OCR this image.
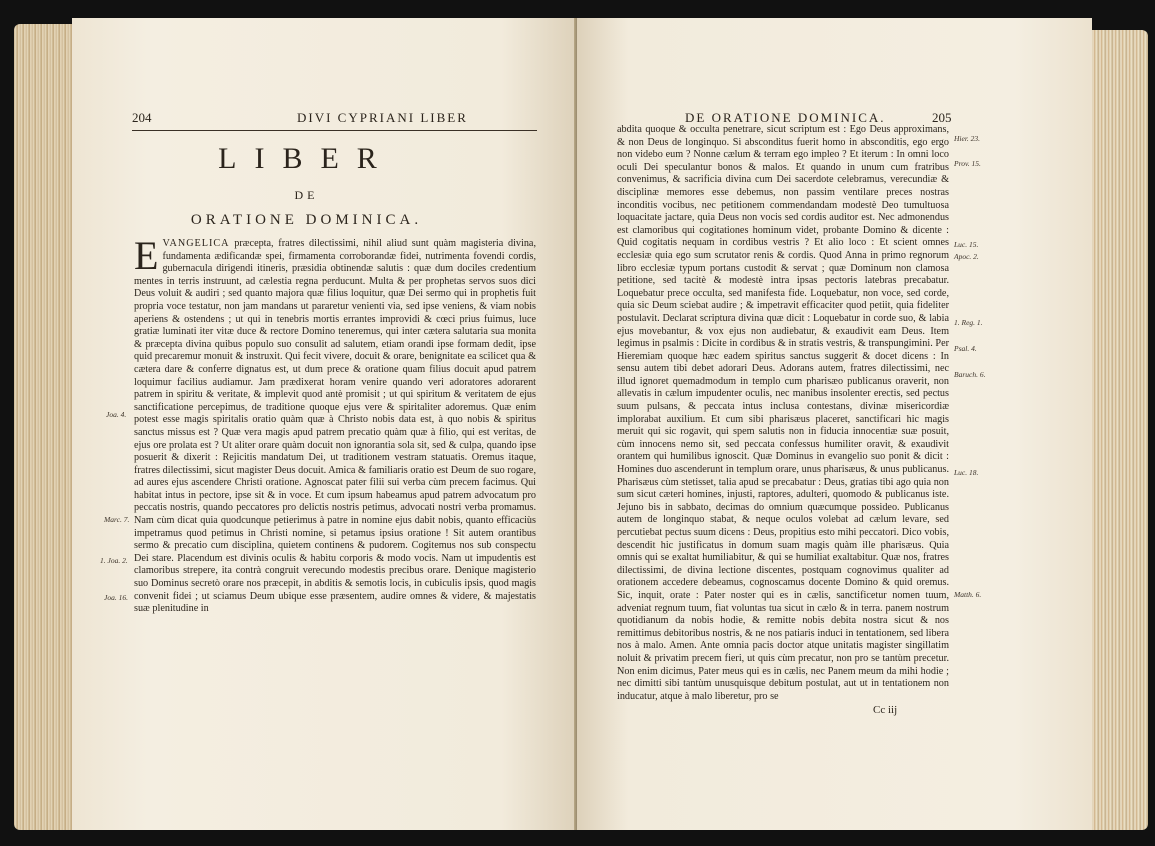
204	DIVI CYPRIANI LIBER
LIBER
DE
ORATIONE DOMINICA.

EVANGELICA præcepta, fratres dilectissimi, nihil aliud sunt quàm magisteria divina, fundamenta ædificandæ spei, firmamenta corroborandæ fidei, nutrimenta fovendi cordis, gubernacula dirigendi itineris, præsidia obtinendæ salutis : quæ dum dociles credentium mentes in terris instruunt, ad cælestia regna perducunt. Multa & per prophetas servos suos dici Deus voluit & audiri ; sed quanto majora quæ filius loquitur, quæ Dei sermo qui in prophetis fuit propria voce testatur, non jam mandans ut pararetur venienti via, sed ipse veniens, & viam nobis aperiens & ostendens ; ut qui in tenebris mortis errantes improvidi & cœci prius fuimus, luce gratiæ luminati iter vitæ duce & rectore Domino teneremus, qui inter cætera salutaria sua monita & præcepta divina quibus populo suo consulit ad salutem, etiam orandi ipse formam dedit, ipse quid precaremur monuit & instruxit. Qui fecit vivere, docuit & orare, benignitate ea scilicet qua & cætera dare & conferre dignatus est, ut dum prece & oratione quam filius docuit apud patrem loquimur facilius audiamur. Jam prædixerat horam venire quando veri adoratores adorarent patrem in spiritu & veritate, & implevit quod antè promisit ; ut qui spiritum & veritatem de ejus sanctificatione percepimus, de traditione quoque ejus vere & spiritaliter adoremus. Quæ enim potest esse magis spiritalis oratio quàm quæ à Christo nobis data est, à quo nobis & spiritus sanctus missus est ? Quæ vera magis apud patrem precatio quàm quæ à filio, qui est veritas, de ejus ore prolata est ? Ut aliter orare quàm docuit non ignorantia sola sit, sed & culpa, quando ipse posuerit & dixerit : Rejicitis mandatum Dei, ut traditionem vestram statuatis. Oremus itaque, fratres dilectissimi, sicut magister Deus docuit. Amica & familiaris oratio est Deum de suo rogare, ad aures ejus ascendere Christi oratione. Agnoscat pater filii sui verba cùm precem facimus. Qui habitat intus in pectore, ipse sit & in voce. Et cum ipsum habeamus apud patrem advocatum pro peccatis nostris, quando peccatores pro delictis nostris petimus, advocati nostri verba promamus. Nam cùm dicat quia quodcunque petierimus à patre in nomine ejus dabit nobis, quanto efficaciùs impetramus quod petimus in Christi nomine, si petamus ipsius oratione ! Sit autem orantibus sermo & precatio cum disciplina, quietem continens & pudorem. Cogitemus nos sub conspectu Dei stare. Placendum est divinis oculis & habitu corporis & modo vocis. Nam ut impudentis est clamoribus strepere, ita contrà congruit verecundo modestis precibus orare. Denique magisterio suo Dominus secretò orare nos præcepit, in abditis & semotis locis, in cubiculis ipsis, quod magis convenit fidei ; ut sciamus Deum ubique esse præsentem, audire omnes & videre, & majestatis suæ plenitudine in

Joa. 4.
Marc. 7.
1. Joa. 2.
Joa. 16.
DE ORATIONE DOMINICA.	205

abdita quoque & occulta penetrare, sicut scriptum est : Ego Deus approximans, & non Deus de longinquo. Si absconditus fuerit homo in absconditis, ego ergo non videbo eum ? Nonne cælum & terram ego impleo ? Et iterum : In omni loco oculi Dei speculantur bonos & malos. Et quando in unum cum fratribus convenimus, & sacrificia divina cum Dei sacerdote celebramus, verecundiæ & disciplinæ memores esse debemus, non passim ventilare preces nostras inconditis vocibus, nec petitionem commendandam modestè Deo tumultuosa loquacitate jactare, quia Deus non vocis sed cordis auditor est. Nec admonendus est clamoribus qui cogitationes hominum videt, probante Domino & dicente : Quid cogitatis nequam in cordibus vestris ? Et alio loco : Et scient omnes ecclesiæ quia ego sum scrutator renis & cordis. Quod Anna in primo regnorum libro ecclesiæ typum portans custodit & servat ; quæ Dominum non clamosa petitione, sed tacitè & modestè intra ipsas pectoris latebras precabatur. Loquebatur prece occulta, sed manifesta fide. Loquebatur, non voce, sed corde, quia sic Deum sciebat audire ; & impetravit efficaciter quod petiit, quia fideliter postulavit. Declarat scriptura divina quæ dicit : Loquebatur in corde suo, & labia ejus movebantur, & vox ejus non audiebatur, & exaudivit eam Deus. Item legimus in psalmis : Dicite in cordibus & in stratis vestris, & transpungimini. Per Hieremiam quoque hæc eadem spiritus sanctus suggerit & docet dicens : In sensu autem tibi debet adorari Deus. Adorans autem, fratres dilectissimi, nec illud ignoret quemadmodum in templo cum pharisæo publicanus oraverit, non allevatis in cælum impudenter oculis, nec manibus insolenter erectis, sed pectus suum pulsans, & peccata intus inclusa contestans, divinæ misericordiæ implorabat auxilium. Et cum sibi pharisæus placeret, sanctificari hic magis meruit qui sic rogavit, qui spem salutis non in fiducia innocentiæ suæ posuit, cùm innocens nemo sit, sed peccata confessus humiliter oravit, & exaudivit orantem qui humilibus ignoscit. Quæ Dominus in evangelio suo ponit & dicit : Homines duo ascenderunt in templum orare, unus pharisæus, & unus publicanus. Pharisæus cùm stetisset, talia apud se precabatur : Deus, gratias tibi ago quia non sum sicut cæteri homines, injusti, raptores, adulteri, quomodo & publicanus iste. Jejuno bis in sabbato, decimas do omnium quæcumque possideo. Publicanus autem de longinquo stabat, & neque oculos volebat ad cælum levare, sed percutiebat pectus suum dicens : Deus, propitius esto mihi peccatori. Dico vobis, descendit hic justificatus in domum suam magis quàm ille pharisæus. Quia omnis qui se exaltat humiliabitur, & qui se humiliat exaltabitur. Quæ nos, fratres dilectissimi, de divina lectione discentes, postquam cognovimus qualiter ad orationem accedere debeamus, cognoscamus docente Domino & quid oremus. Sic, inquit, orate : Pater noster qui es in cælis, sanctificetur nomen tuum, adveniat regnum tuum, fiat voluntas tua sicut in cælo & in terra. panem nostrum quotidianum da nobis hodie, & remitte nobis debita nostra sicut & nos remittimus debitoribus nostris, & ne nos patiaris induci in tentationem, sed libera nos à malo. Amen. Ante omnia pacis doctor atque unitatis magister singillatim noluit & privatim precem fieri, ut quis cùm precatur, non pro se tantùm precetur. Non enim dicimus, Pater meus qui es in cælis, nec Panem meum da mihi hodie ; nec dimitti sibi tantùm unusquisque debitum postulat, aut ut in tentationem non inducatur, atque à malo liberetur, pro se

Cc iij
Hier. 23.
Prov. 15.
Luc. 15.
Apoc. 2.
1. Reg. 1.
Psal. 4.
Baruch. 6.
Luc. 18.
Matth. 6.
